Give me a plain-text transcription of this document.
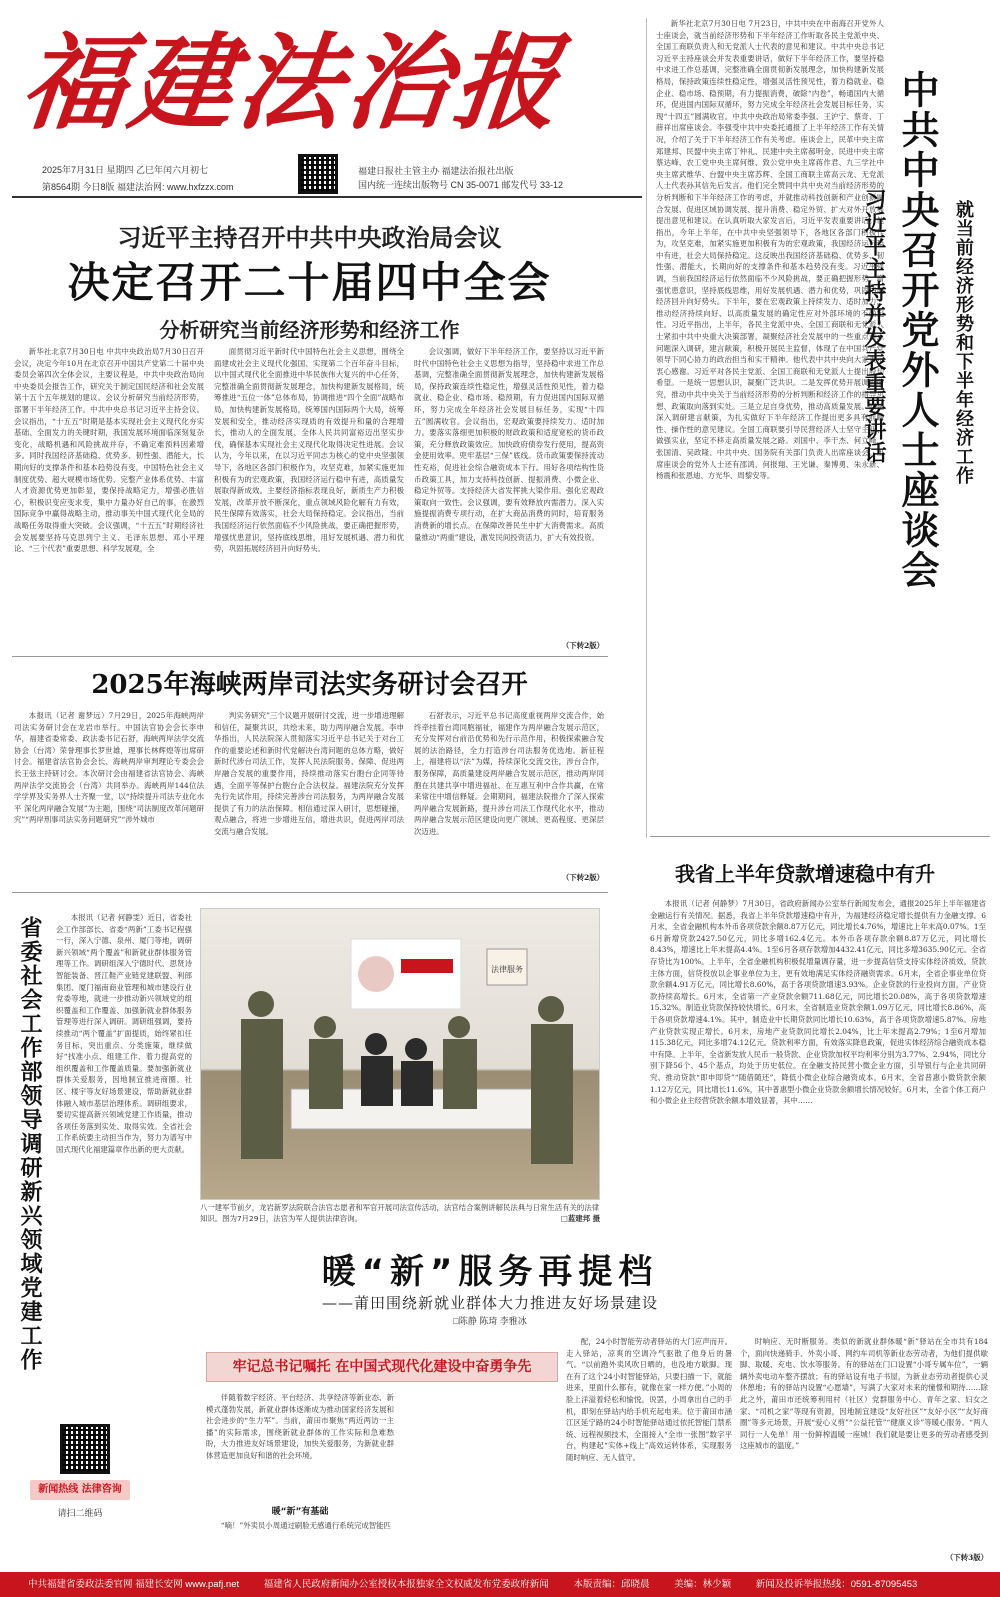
福建法治报
2025年7月31日 星期四 乙巳年闰六月初七
第8564期 今日8版 福建法治网: www.hxfzzx.com
福建日报社主管主办 福建法治报社出版
国内统一连续出版物号 CN 35-0071 邮发代号 33-12
习近平主持召开中共中央政治局会议
决定召开二十届四中全会
分析研究当前经济形势和经济工作

新华社北京7月30日电 中共中央政治局7月30日召开会议，决定今年10月在北京召开中国共产党第二十届中央委员会第四次全体会议，主要议程是，中共中央政治局向中央委员会报告工作，研究关于制定国民经济和社会发展第十五个五年规划的建议。会议分析研究当前经济形势，部署下半年经济工作。中共中央总书记习近平主持会议。会议指出，“十五五”时期是基本实现社会主义现代化夯实基础、全面发力的关键时期，我国发展环境面临深刻复杂变化，战略机遇和风险挑战并存，不确定难预料因素增多。同时我国经济基础稳、优势多、韧性强、潜能大，长期向好的支撑条件和基本趋势没有变，中国特色社会主义制度优势、超大规模市场优势、完整产业体系优势、丰富人才资源优势更加彰显，要保持战略定力，增强必胜信心，积极识变应变求变，集中力量办好自己的事，在激烈国际竞争中赢得战略主动，推动事关中国式现代化全局的战略任务取得重大突破。会议强调，“十五五”时期经济社会发展要坚持马克思列宁主义、毛泽东思想、邓小平理论、“三个代表”重要思想、科学发展观，全

面贯彻习近平新时代中国特色社会主义思想，围绕全面建成社会主义现代化强国、实现第二个百年奋斗目标，以中国式现代化全面推进中华民族伟大复兴的中心任务，完整准确全面贯彻新发展理念，加快构建新发展格局，统筹推进“五位一体”总体布局，协调推进“四个全面”战略布局，加快构建新发展格局，统筹国内国际两个大局，统筹发展和安全，推动经济实现质的有效提升和量的合理增长，推动人的全面发展、全体人民共同富裕迈出坚实步伐，确保基本实现社会主义现代化取得决定性进展。会议认为，今年以来，在以习近平同志为核心的党中央坚强领导下，各地区各部门积极作为，攻坚克难，加紧实施更加积极有为的宏观政策，我国经济运行稳中有进，高质量发展取得新成效。主要经济指标表现良好，新质生产力积极发展，改革开放不断深化，重点领域风险化解有力有效，民生保障有效落实，社会大局保持稳定。会议指出，当前我国经济运行依然面临不少风险挑战，要正确把握形势，增强忧患意识，坚持底线思维，用好发展机遇、潜力和优势，巩固拓展经济回升向好势头。

会议强调，做好下半年经济工作，要坚持以习近平新时代中国特色社会主义思想为指导，坚持稳中求进工作总基调，完整准确全面贯彻新发展理念，加快构建新发展格局，保持政策连续性稳定性，增强灵活性预见性，着力稳就业、稳企业、稳市场、稳预期，有力促进国内国际双循环，努力完成全年经济社会发展目标任务，实现“十四五”圆满收官。会议指出，宏观政策要持续发力、适时加力。要落实落细更加积极的财政政策和适度宽松的货币政策，充分释放政策效应。加快政府债券发行使用，提高资金使用效率。兜牢基层“三保”底线。货币政策要保持流动性充裕，促进社会综合融资成本下行。用好各项结构性货币政策工具，加力支持科技创新、提振消费、小微企业、稳定外贸等。支持经济大省发挥挑大梁作用。强化宏观政策取向一致性。会议强调，要有效释放内需潜力。深入实施提振消费专项行动，在扩大商品消费的同时，培育服务消费新的增长点。在保障改善民生中扩大消费需求。高质量推动“两重”建设，激发民间投资活力，扩大有效投资。

（下转2版）
2025年海峡两岸司法实务研讨会召开

本报讯（记者 谢梦远）7月29日，2025年海峡两岸司法实务研讨会在龙岩市举行。中国法官协会会长李申华，福建省委常委、政法委书记石舒，海峡两岸法学交流协会（台湾）荣誉理事长罗世雄，理事长林辉煌等出席研讨会。福建省法官协会会长、海峡两岸审判理论专委会会长王弦主持研讨会。本次研讨会由福建省法官协会、海峡两岸法学交流协会（台湾）共同举办。海峡两岸144位法学学界及实务界人士齐聚一堂，以“持续提升司法专业化水平 深化两岸融合发展”为主题，围绕“司法制度改革问题研究”“两岸刑事司法实务问题研究”“涉外城市

判实务研究”三个议题开展研讨交流，进一步增进理解和信任，凝聚共识，共绘未来，助力两岸融合发展。李申华指出，人民法院深入贯彻落实习近平总书记关于对台工作的重要论述和新时代党解决台湾问题的总体方略，做好新时代涉台司法工作，发挥人民法院服务、保障、促进两岸融合发展的重要作用，持续推动落实台胞台企同等待遇，全面平等保护台胞台企合法权益。福建法院充分发挥先行先试作用，持续完善涉台司法服务，为两岸融合发展提供了有力的法治保障。相信通过深入研讨，思想碰撞，观点融合，将进一步增进互信，增进共识，促进两岸司法交流与融合发展。

石舒表示，习近平总书记高度重视两岸交流合作，始终牵挂着台湾同胞福祉，福建作为两岸融合发展示范区，充分发挥对台前沿优势和先行示范作用，积极探索融合发展的法治路径，全力打造涉台司法服务优选地。新征程上，福建将以“法”为媒，持续深化交流交往，涉台合作，服务保障，高质量建设两岸融合发展示范区，推动两岸同胞在共建共享中增进福祉、在互惠互利中合作共赢，在常来常往中增信释疑。会期期间，福建法院推介了深入探索两岸融合发展新路，提升涉台司法工作现代化水平，推动两岸融合发展示范区建设向更广领域、更高程度、更深层次迈进。

（下转2版）

新华社北京7月30日电 7月23日，中共中央在中南海召开党外人士座谈会，就当前经济形势和下半年经济工作听取各民主党派中央、全国工商联负责人和无党派人士代表的意见和建议。中共中央总书记习近平主持座谈会并发表重要讲话，做好下半年经济工作，要坚持稳中求进工作总基调，完整准确全面贯彻新发展理念，加快构建新发展格局，保持政策连续性稳定性，增强灵活性预见性，着力稳就业、稳企业、稳市场、稳预期，有力提振消费，破除“内卷”，畅通国内大循环，促进国内国际双循环，努力完成全年经济社会发展目标任务，实现“十四五”圆满收官。中共中央政治局常委李强、王沪宁、蔡奇、丁薛祥出席座谈会。李强受中共中央委托通报了上半年经济工作有关情况，介绍了关于下半年经济工作有关考虑。座谈会上，民革中央主席郑建邦、民盟中央主席丁仲礼、民建中央主席郝明金、民进中央主席蔡达峰、农工党中央主席何维、致公党中央主席蒋作君、九三学社中央主席武维华、台盟中央主席苏辉、全国工商联主席高云龙、无党派人士代表孙其信先后发言。他们完全赞同中共中央对当前经济形势的分析判断和下半年经济工作的考虑，并就推动科技创新和产业创新融合发展、促进区域协调发展、提升消费、稳定外贸、扩大对外开放等提出意见和建议。在认真听取大家发言后，习近平发表重要讲话。他指出，今年上半年，在中共中央坚强领导下，各地区各部门积极作为，攻坚克难，加紧实施更加积极有为的宏观政策，我国经济运行稳中有进，社会大局保持稳定。这反映出我国经济基础稳、优势多、韧性强、潜能大，长期向好的支撑条件和基本趋势没有变。习近平强调，当前我国经济运行依然面临不少风险挑战，要正确把握形势，增强忧患意识，坚持底线思维，用好发展机遇、潜力和优势，巩固拓展经济回升向好势头。下半年，要在宏观政策上持续发力、适时加力，推动经济持续向好、以高质量发展的确定性应对外部环境的不确定性。习近平指出，上半年，各民主党派中央、全国工商联和无党派人士紧扣中共中央重大决策部署，凝聚经济社会发展中的一些重点难点问题深入调研，建言献策，积极开展民主监督，体现了在中国共产党领导下同心协力的政治担当和实干精神。他代表中共中央向大家表示衷心感谢。习近平对各民主党派、全国工商联和无党派人士提出殷切希望。一是统一思想认识，凝聚广泛共识。二是发挥优势开展调查研究，推动中共中央关于当前经济形势的分析判断和经济工作的指导思想、政策取向落到实处。三是立足自身优势，推动高质量发展。四是深入调研建言献策，为扎实做好下半年经济工作提出更多具有前瞻性、操作性的意见建议。全国工商联要引导民营经济人士坚守主业、做强实业，坚定不移走高质量发展之路。刘国中、李干杰、何立峰、张国清、吴政隆、中共中央、国务院有关部门负责人出席座谈会。出席座谈会的党外人士还有邵鸿、何报翔、王光谦、秦博勇、朱永新、杨震和张恩迪、方光华、周黎安等。	中共中央召开党外人士座谈会 就当前经济形势和下半年经济工作
习近平主持并发表重要讲话
我省上半年贷款增速稳中有升

本报讯（记者 何静梦）7月30日，省政府新闻办公室举行新闻发布会，通报2025年上半年福建省金融运行有关情况。据悉，我省上半年贷款增速稳中有升，为福建经济稳定增长提供有力金融支撑。6月末，全省金融机构本外币各项贷款余额8.87万亿元，同比增长4.76%，增速比上年末高0.07%。1至6月新增贷款2427.50亿元，同比多增162.4亿元。本外币各项存款余额8.87万亿元，同比增长8.43%，增速比上年末提高4.4%。1至6月各项存款增加4432.41亿元，同比多增3635.90亿元。全省存贷比为100%。上半年，全省金融机构积极促增量调存量，进一步提高信贷支持实体经济质效。贷款主体方面，信贷投放以企事业单位为主，更有效地满足实体经济融资需求。6月末，全省企事业单位贷款余额4.91万亿元，同比增长8.60%，高于各项贷款增速3.93%。企业贷款的行业投向方面，产业贷款持续高增长。6月末，全省第一产业贷款余额711.68亿元，同比增长20.08%，高于各项贷款增速15.32%。制造业贷款保持较快增长。6月末，全省制造业贷款余额1.09万亿元，同比增长8.86%，高于各项贷款增速4.1%。其中，制造业中长期贷款同比增长10.63%，高于各项贷款增速5.87%。房地产业贷款实现正增长。6月末，房地产业贷款同比增长2.04%，比上年末提高2.79%；1至6月增加115.38亿元，同比多增74.12亿元。贷款利率方面，有效落实降息政策，促进实体经济综合融资成本稳中有降。上半年，全省新发放人民币一般贷款、企业贷款加权平均利率分别为3.77%、2.94%，同比分别下降56个、45个基点，均处于历史低位。在金融支持民营小微企业方面，引导银行与企业共同研究、推动贷款“即申即贷”“随借随还”，降低小微企业综合融资成本。6月末，全省普惠小微贷款余额1.12万亿元，同比增长11.6%，其中普惠型小微企业贷款余额增长情况较好。6月末，全省个体工商户和小微企业主经营贷款余额本增效显著，其中……

省委社会工作部领导调研新兴领域党建工作	本报讯（记者 何静雯）近日，省委社会工作部部长、省委“两新”工委书记程强一行，深入宁德、泉州、厦门等地，调研新兴领域“两个覆盖”和新就业群体服务管理等工作。调研组深入宁德时代、思贤诗智能装备、晋江鞋产业链党建联盟、利郎集团、厦门福南商业管理和城市建设行业党委等地，就进一步推动新兴领域党的组织覆盖和工作覆盖、加强新就业群体服务管理等进行深入调研。调研组强调，要持续推动“两个覆盖”扩面提质，始终紧扣任务目标，突出重点、分类施策，继续做好“找准小点、组建工作、着力提高党的组织覆盖和工作覆盖质量。要加强新就业群体关爱服务，因地制宜推进商圈、社区、楼宇等友好场景建设，帮助新就业群体融入城市基层治理体系。调研组要求，要切实提高新兴领域党建工作质量，推动各项任务落到实处、取得实效。全省社会工作系统要主动担当作为，努力为谱写中国式现代化福建篇章作出新的更大贡献。

法律服务
八一建军节前夕，龙岩新罗法院联合法官志愿者和军官开展司法宣传活动，法官结合案例讲解民法典与日常生活有关的法律知识。图为7月29日，法官为军人提供法律咨询。	□蓝建邦 摄
暖“新”服务再提档
——莆田围绕新就业群体大力推进友好场景建设
□陈静 陈琦 李雅冰
牢记总书记嘱托 在中国式现代化建设中奋勇争先

伴随着数字经济、平台经济、共享经济等新业态、新模式蓬勃发展，新就业群体逐渐成为推动国家经济发展和社会进步的“生力军”。当前，莆田市聚焦“两近两访一主播”的实际需求，围绕新就业群体的工作实际和急难愁盼，大力推进友好场景建设，加快关爱服务，为新就业群体营造更加良好和谐的社会环境。

暖“新”有基础

“嘀！”外卖员小周通过刷脸无感通行系统完成智能匹

配，24小时智能劳动者驿站的大门应声而开。走入驿站，凉爽的空调冷气驱散了他身后的暑气。“以前跑外卖风吹日晒的，也没地方歇脚。现在有了这个24小时智能驿站，只要扫描一下，就能进来，里面什么都有，就像在家一样方便。”小周的脸上洋溢着轻松和愉悦。说罢，小周拿出自己的手机，即刻在驿站内给手机充起电来。位于莆田市涵江区延宁路的24小时智能驿站通过依托智能门禁系统、远程视频技术，全面接入“全市一张图”数字平台，构建起“实体+线上”高效运转体系，实现服务随时响应、无人值守。

时响应、无时断服务。类似的新就业群体暖“新”驿站在全市共有184个，面向快递骑手、外卖小哥、网约车司机等新业态劳动者，为他们提供歇脚、取暖、充电、饮水等服务。有的驿站在门口设置“小哥专属车位”，一辆辆外卖电动车整齐摆放；有的驿站设有电子书屋，为新业态劳动者提供心灵休憩地；有的驿站内设置“心愿墙”，写满了大家对未来的憧憬和期待……除此之外，莆田市还统筹利用村（社区）党群服务中心、青年之家、妇女之家、“司机之家”等现有资源，因地制宜建设“友好社区”“友好小区”“友好商圈”等多元场景，开展“爱心义剪”“公益托管”“健康义诊”等暖心服务。“两人同行一人免单！用一份鲜榨温暖一座城！我们就是要让更多的劳动者感受到这座城市的温度。”

（下转3版）
新闻热线 法律咨询
请扫二维码
中共福建省委政法委官网 福建长安网 www.pafj.net	福建省人民政府新闻办公室授权本报独家全文权威发布党委政府新闻	本版责编：邱晓晨	美编：林少颖	新闻及投诉举报热线：0591-87095453
